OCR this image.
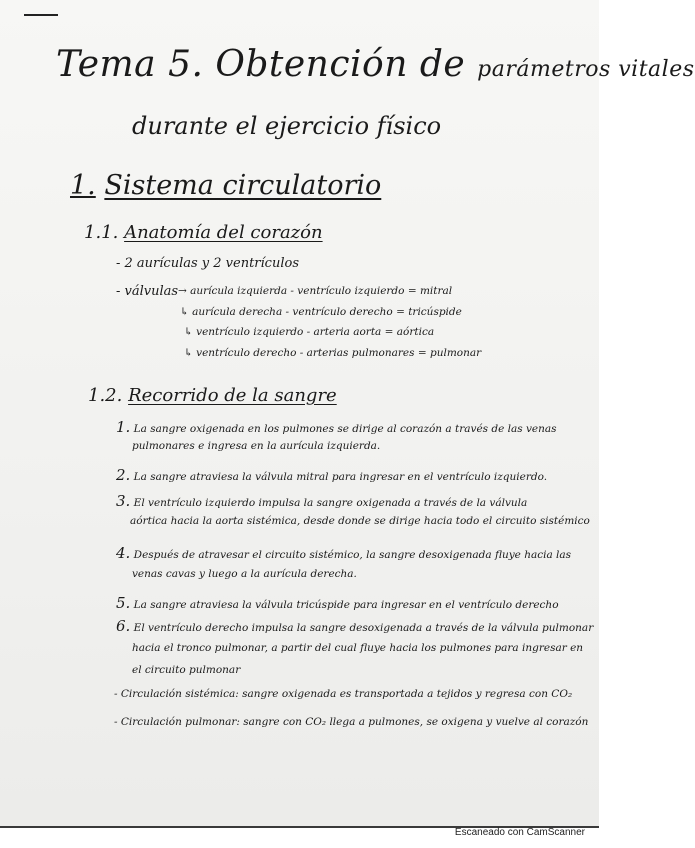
Tema 5. Obtención de parámetros vitales
durante el ejercicio físico
1. Sistema circulatorio
1.1. Anatomía del corazón
- 2 aurículas y 2 ventrículos
- válvulas → aurícula izquierda - ventrículo izquierdo = mitral
↳ aurícula derecha - ventrículo derecho = tricúspide
↳ ventrículo izquierdo - arteria aorta = aórtica
↳ ventrículo derecho - arterias pulmonares = pulmonar
1.2. Recorrido de la sangre
1. La sangre oxigenada en los pulmones se dirige al corazón a través de las venas
pulmonares e ingresa en la aurícula izquierda.
2. La sangre atraviesa la válvula mitral para ingresar en el ventrículo izquierdo.
3. El ventrículo izquierdo impulsa la sangre oxigenada a través de la válvula
aórtica hacia la aorta sistémica, desde donde se dirige hacia todo el circuito sistémico
4. Después de atravesar el circuito sistémico, la sangre desoxigenada fluye hacia las
venas cavas y luego a la aurícula derecha.
5. La sangre atraviesa la válvula tricúspide para ingresar en el ventrículo derecho
6. El ventrículo derecho impulsa la sangre desoxigenada a través de la válvula pulmonar
hacia el tronco pulmonar, a partir del cual fluye hacia los pulmones para ingresar en
el circuito pulmonar
- Circulación sistémica: sangre oxigenada es transportada a tejidos y regresa con CO₂
- Circulación pulmonar: sangre con CO₂ llega a pulmones, se oxigena y vuelve al corazón
Escaneado con CamScanner
